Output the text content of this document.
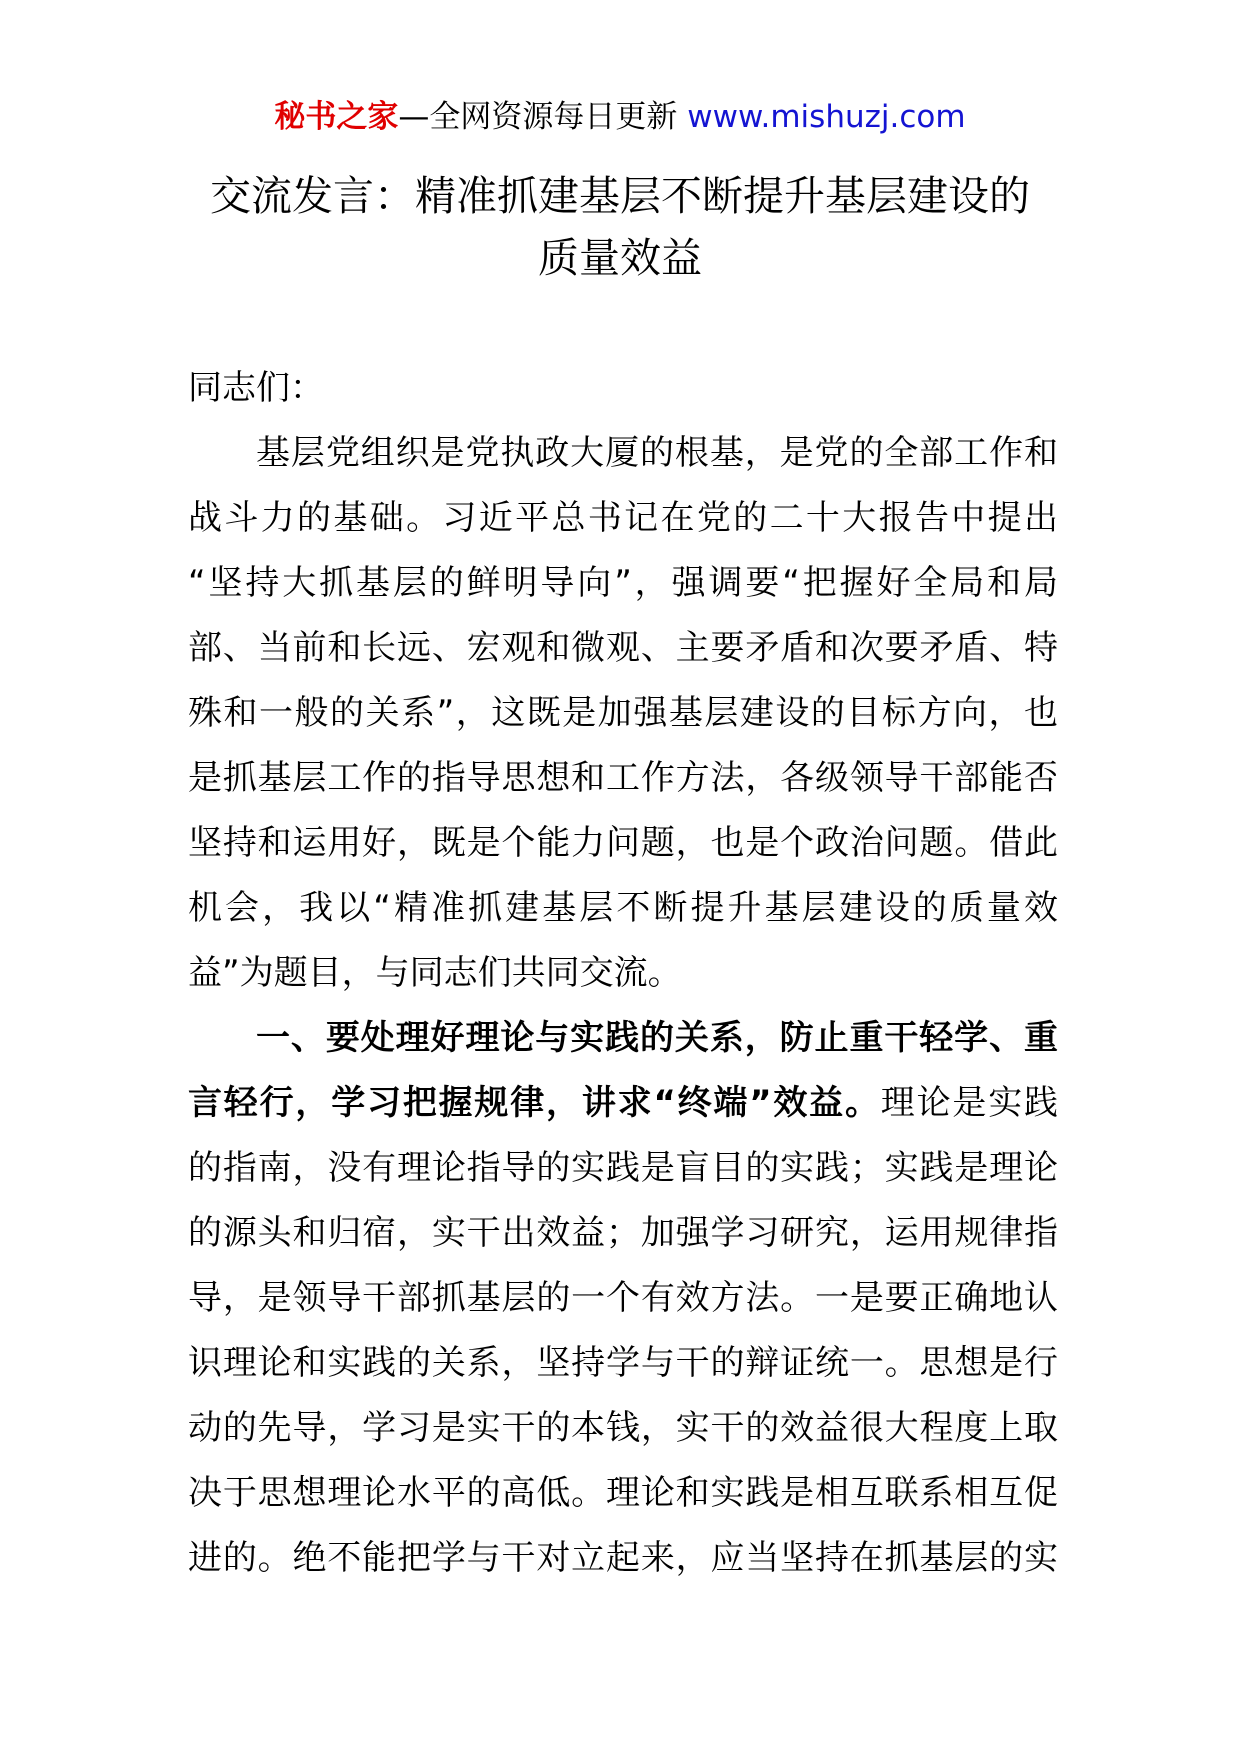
秘书之家—全网资源每日更新 www.mishuzj.com
交流发言：精准抓建基层不断提升基层建设的
质量效益
同志们：
基层党组织是党执政大厦的根基，是党的全部工作和
战斗力的基础。习近平总书记在党的二十大报告中提出
“坚持大抓基层的鲜明导向”，强调要“把握好全局和局
部、当前和长远、宏观和微观、主要矛盾和次要矛盾、特
殊和一般的关系”，这既是加强基层建设的目标方向，也
是抓基层工作的指导思想和工作方法，各级领导干部能否
坚持和运用好，既是个能力问题，也是个政治问题。借此
机会，我以“精准抓建基层不断提升基层建设的质量效
益”为题目，与同志们共同交流。
一、要处理好理论与实践的关系，防止重干轻学、重
言轻行，学习把握规律，讲求“终端”效益。理论是实践
的指南，没有理论指导的实践是盲目的实践；实践是理论
的源头和归宿，实干出效益；加强学习研究，运用规律指
导，是领导干部抓基层的一个有效方法。一是要正确地认
识理论和实践的关系，坚持学与干的辩证统一。思想是行
动的先导，学习是实干的本钱，实干的效益很大程度上取
决于思想理论水平的高低。理论和实践是相互联系相互促
进的。绝不能把学与干对立起来，应当坚持在抓基层的实
